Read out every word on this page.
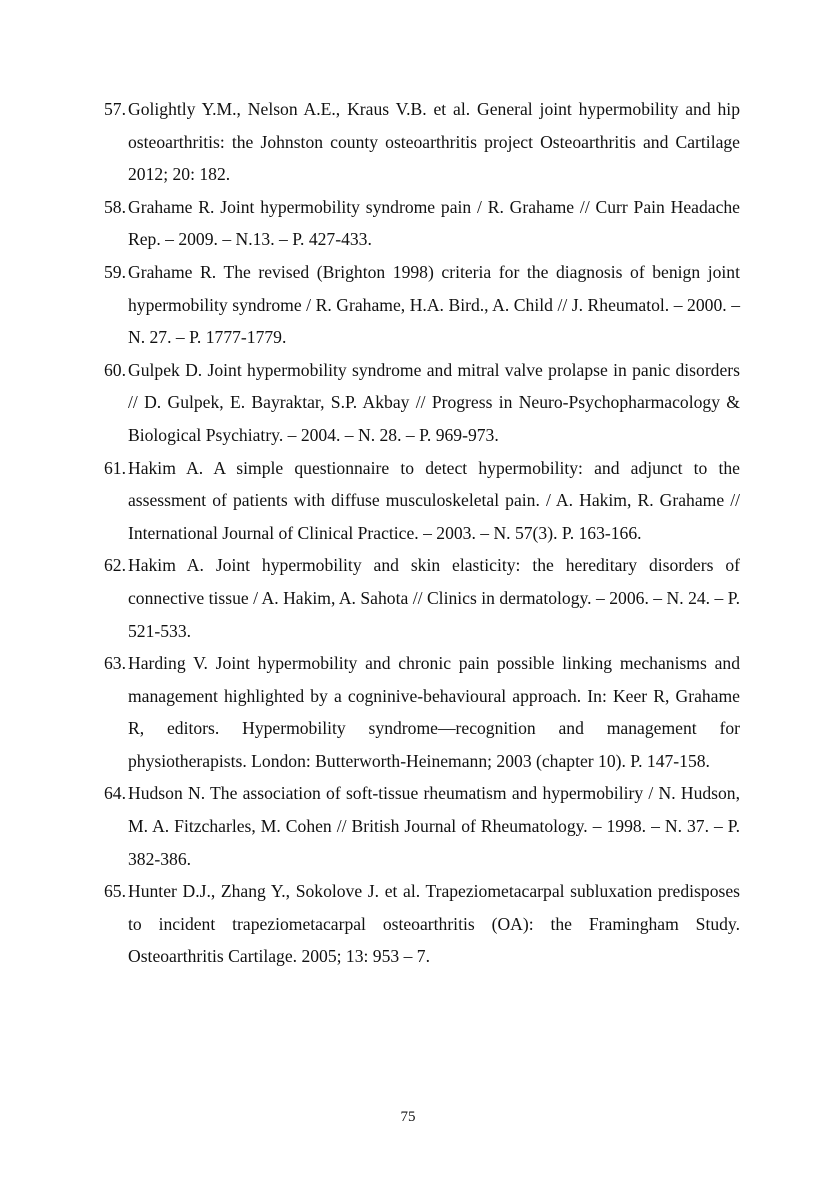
57. Golightly Y.M., Nelson A.E., Kraus V.B. et al. General joint hypermobility and hip osteoarthritis: the Johnston county osteoarthritis project Osteoarthritis and Cartilage 2012; 20: 182.
58. Grahame R. Joint hypermobility syndrome pain / R. Grahame // Curr Pain Headache Rep. – 2009. – N.13. – P. 427-433.
59. Grahame R. The revised (Brighton 1998) criteria for the diagnosis of benign joint hypermobility syndrome / R. Grahame, H.A. Bird., A. Child // J. Rheumatol. – 2000. – N. 27. – P. 1777-1779.
60. Gulpek D. Joint hypermobility syndrome and mitral valve prolapse in panic disorders // D. Gulpek, E. Bayraktar, S.P. Akbay // Progress in Neuro-Psychopharmacology & Biological Psychiatry. – 2004. – N. 28. – P. 969-973.
61. Hakim A. A simple questionnaire to detect hypermobility: and adjunct to the assessment of patients with diffuse musculoskeletal pain. / A. Hakim, R. Grahame // International Journal of Clinical Practice. – 2003. – N. 57(3). P. 163-166.
62. Hakim A. Joint hypermobility and skin elasticity: the hereditary disorders of connective tissue / A. Hakim, A. Sahota // Clinics in dermatology. – 2006. – N. 24. – P. 521-533.
63. Harding V. Joint hypermobility and chronic pain possible linking mechanisms and management highlighted by a cogninive-behavioural approach. In: Keer R, Grahame R, editors. Hypermobility syndrome—recognition and management for physiotherapists. London: Butterworth-Heinemann; 2003 (chapter 10). P. 147-158.
64. Hudson N. The association of soft-tissue rheumatism and hypermobiliry / N. Hudson, M. A. Fitzcharles, M. Cohen // British Journal of Rheumatology. – 1998. – N. 37. – P. 382-386.
65. Hunter D.J., Zhang Y., Sokolove J. et al. Trapeziometacarpal subluxation predisposes to incident trapeziometacarpal osteoarthritis (OA): the Framingham Study. Osteoarthritis Cartilage. 2005; 13: 953 – 7.
75
